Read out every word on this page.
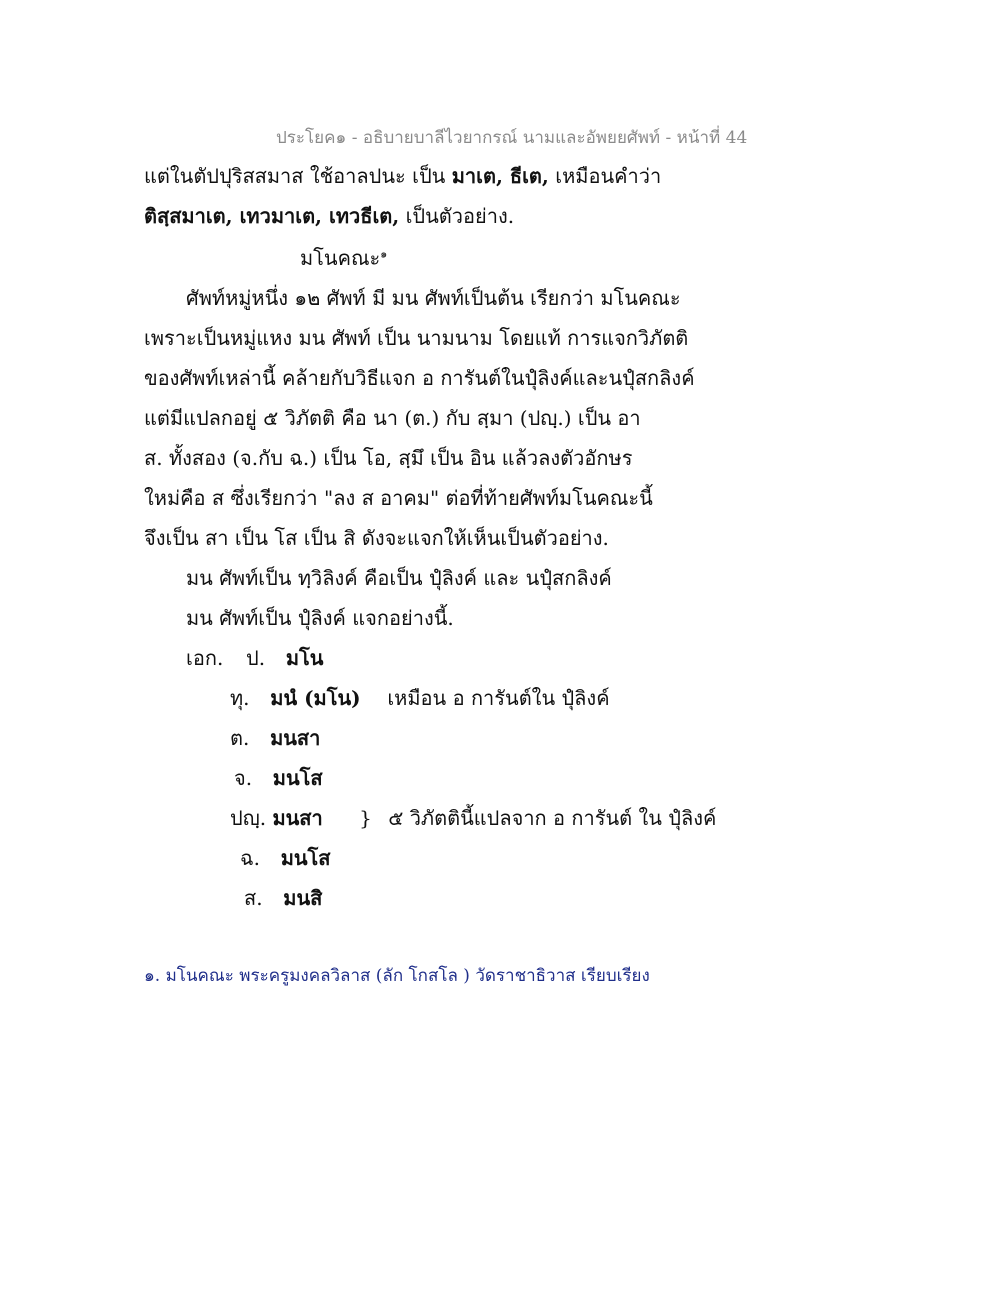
ประโยค๑ - อธิบายบาลีไวยากรณ์ นามและอัพยยศัพท์ - หน้าที่ 44
แต่ในตัปปุริสสมาส ใช้อาลปนะ เป็น มาเต, ธีเต, เหมือนคำว่า
ติสฺสมาเต, เทวมาเต, เทวธีเต, เป็นตัวอย่าง.
มโนคณะ$^๑$
ศัพท์หมู่หนึ่ง ๑๒ ศัพท์ มี มน ศัพท์เป็นต้น เรียกว่า มโนคณะ
เพราะเป็นหมู่แหง มน ศัพท์ เป็น นามนาม โดยแท้ การแจกวิภัตติ
ของศัพท์เหล่านี้ คล้ายกับวิธีแจก อ การันต์ในปุํลิงค์และนปุํสกลิงค์
แต่มีแปลกอยู่ ๕ วิภัตติ คือ นา (ต.) กับ สฺมา (ปญฺ.) เป็น อา
ส. ทั้งสอง (จ.กับ ฉ.) เป็น โอ, สฺมึ เป็น อิน แล้วลงตัวอักษร
ใหม่คือ ส ซึ่งเรียกว่า "ลง ส อาคม" ต่อที่ท้ายศัพท์มโนคณะนี้
จึงเป็น สา เป็น โส เป็น สิ ดังจะแจกให้เห็นเป็นตัวอย่าง.
มน ศัพท์เป็น ทฺวิลิงค์ คือเป็น ปุํลิงค์ และ นปุํสกลิงค์
มน ศัพท์เป็น ปุํลิงค์ แจกอย่างนี้.
เอก. ป. มโน
ทุ. มนํ (มโน) เหมือน อ การันต์ใน ปุํลิงค์
ต. มนสา
จ. มนโส
ปญฺ. มนสา } ๕ วิภัตตินี้แปลจาก อ การันต์ ใน ปุํลิงค์
ฉ. มนโส
ส. มนสิ
๑. มโนคณะ พระครูมงคลวิลาส (ลัก โกสโล ) วัดราชาธิวาส เรียบเรียง
